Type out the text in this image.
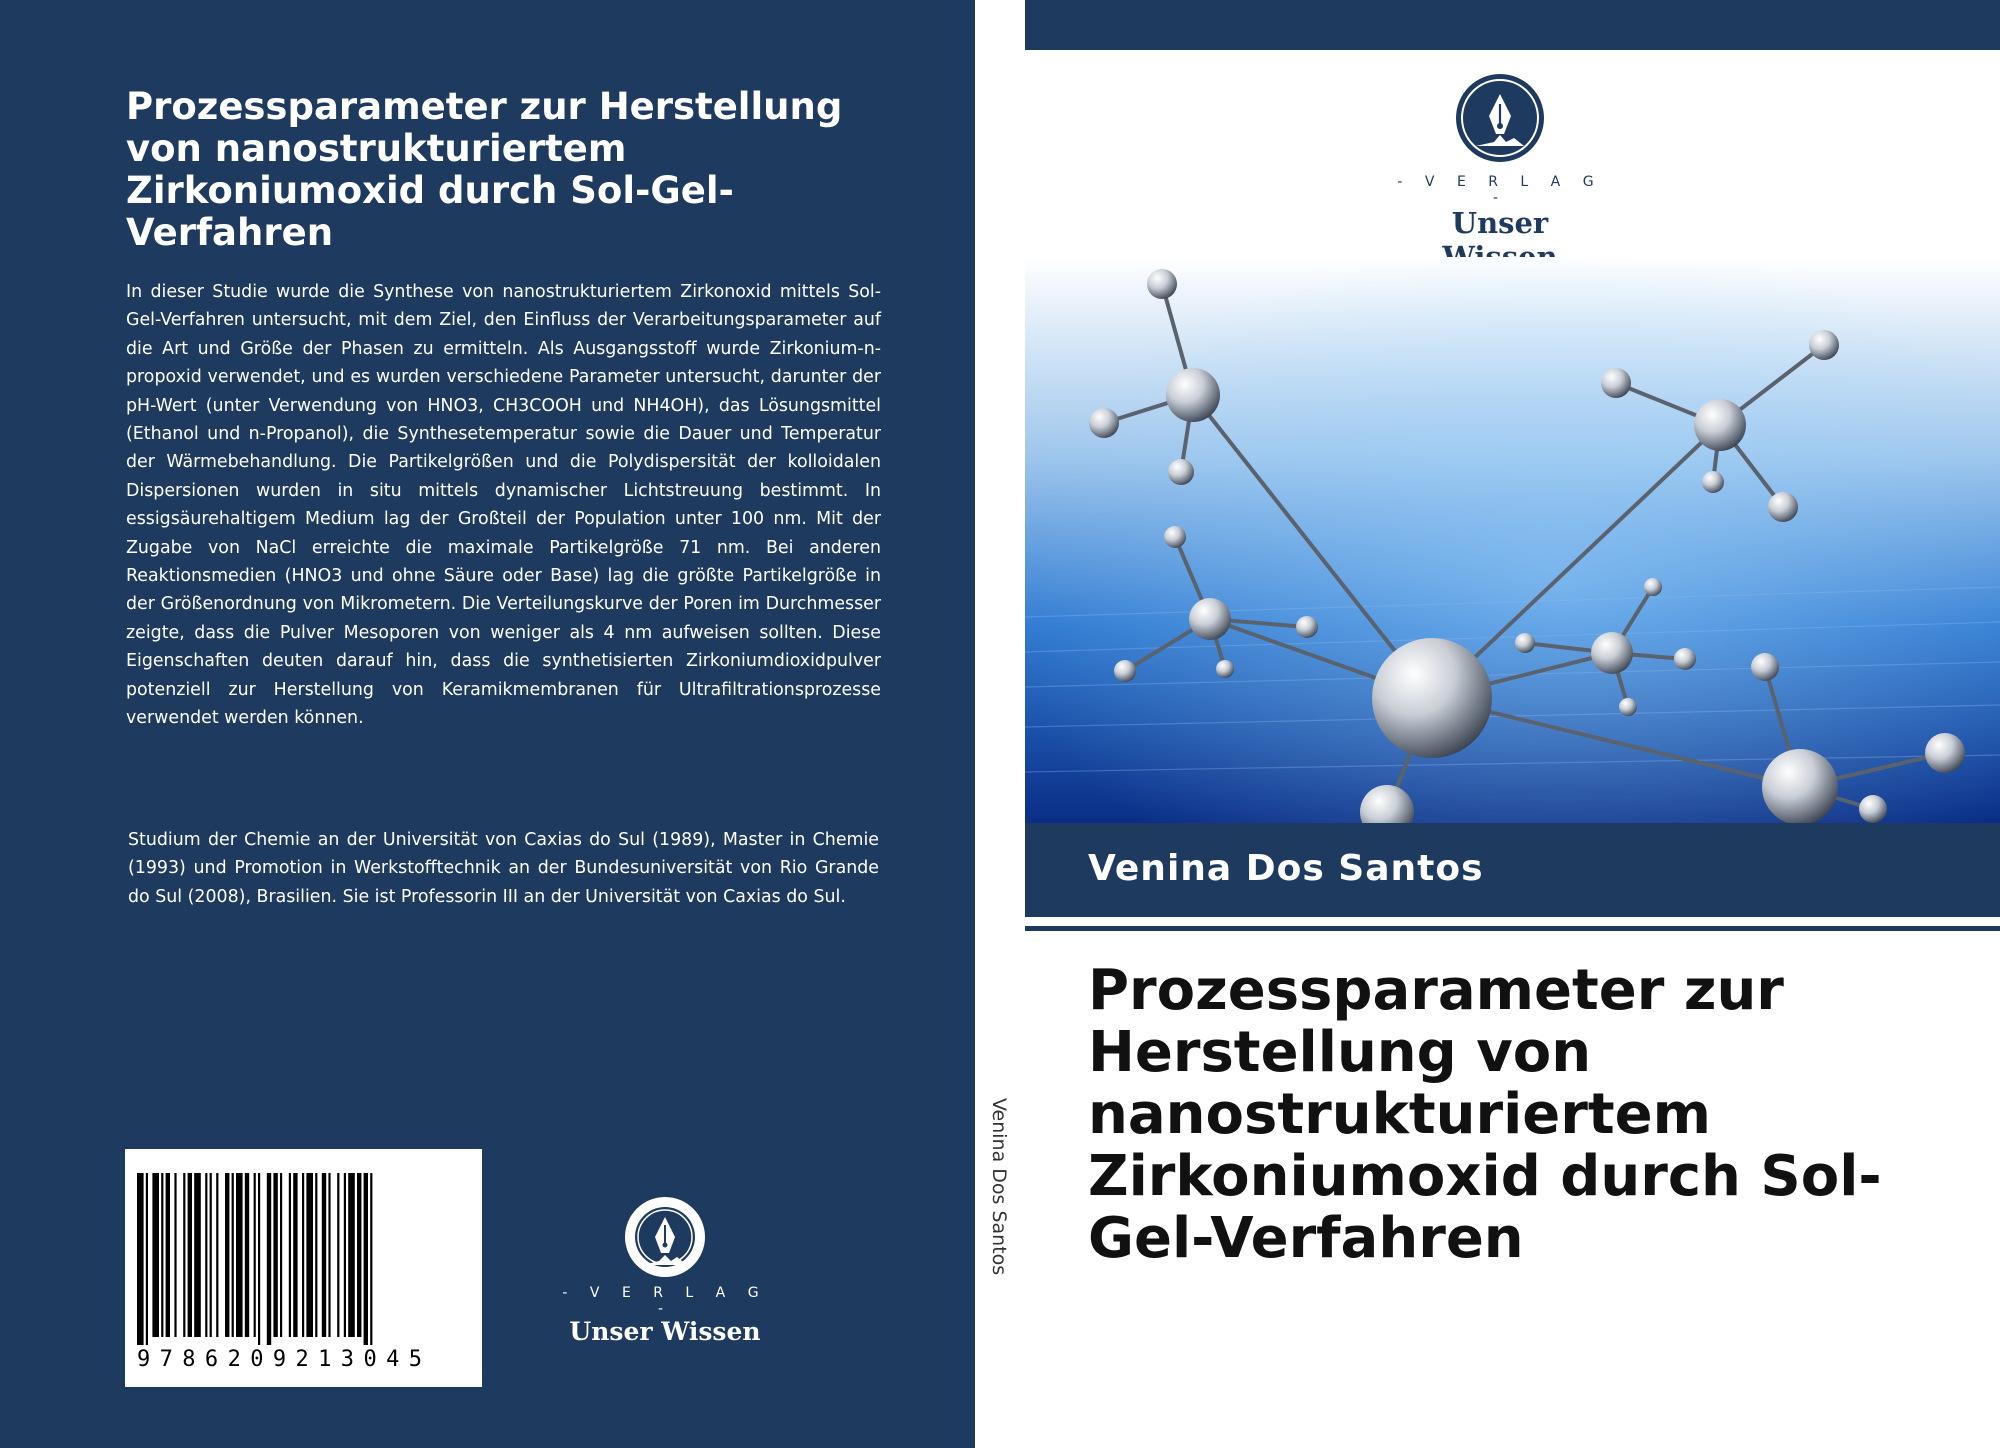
Prozessparameter zur Herstellung von nanostrukturiertem Zirkoniumoxid durch Sol-Gel-Verfahren

In dieser Studie wurde die Synthese von nanostrukturiertem Zirkonoxid mittels Sol-Gel-Verfahren untersucht, mit dem Ziel, den Einfluss der Verarbeitungsparameter auf die Art und Größe der Phasen zu ermitteln. Als Ausgangsstoff wurde Zirkonium-n-propoxid verwendet, und es wurden verschiedene Parameter untersucht, darunter der pH-Wert (unter Verwendung von HNO3, CH3COOH und NH4OH), das Lösungsmittel (Ethanol und n-Propanol), die Synthesetemperatur sowie die Dauer und Temperatur der Wärmebehandlung. Die Partikelgrößen und die Polydispersität der kolloidalen Dispersionen wurden in situ mittels dynamischer Lichtstreuung bestimmt. In essigsäurehaltigem Medium lag der Großteil der Population unter 100 nm. Mit der Zugabe von NaCl erreichte die maximale Partikelgröße 71 nm. Bei anderen Reaktionsmedien (HNO3 und ohne Säure oder Base) lag die größte Partikelgröße in der Größenordnung von Mikrometern. Die Verteilungskurve der Poren im Durchmesser zeigte, dass die Pulver Mesoporen von weniger als 4 nm aufweisen sollten. Diese Eigenschaften deuten darauf hin, dass die synthetisierten Zirkoniumdioxidpulver potenziell zur Herstellung von Keramikmembranen für Ultrafiltrationsprozesse verwendet werden können.

Studium der Chemie an der Universität von Caxias do Sul (1989), Master in Chemie (1993) und Promotion in Werkstofftechnik an der Bundesuniversität von Rio Grande do Sul (2008), Brasilien. Sie ist Professorin III an der Universität von Caxias do Sul.

9786209213045
- V E R L A G -
Unser Wissen
Venina Dos Santos
- V E R L A G -
Unser
Venina Dos Santos
Prozessparameter zur Herstellung von nanostrukturiertem Zirkoniumoxid durch Sol-Gel-Verfahren
